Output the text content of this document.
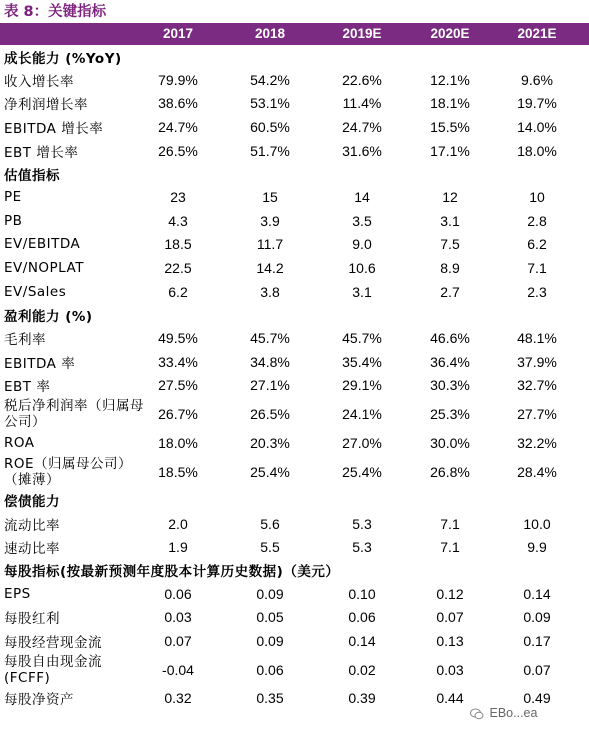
表 8：关键指标
2017	2018	2019E	2020E	2021E
成长能力 (%YoY)
收入增长率	79.9%	54.2%	22.6%	12.1%	9.6%
净利润增长率	38.6%	53.1%	11.4%	18.1%	19.7%
EBITDA 增长率	24.7%	60.5%	24.7%	15.5%	14.0%
EBT 增长率	26.5%	51.7%	31.6%	17.1%	18.0%
估值指标
PE	23	15	14	12	10
PB	4.3	3.9	3.5	3.1	2.8
EV/EBITDA	18.5	11.7	9.0	7.5	6.2
EV/NOPLAT	22.5	14.2	10.6	8.9	7.1
EV/Sales	6.2	3.8	3.1	2.7	2.3
盈利能力 (%)
毛利率	49.5%	45.7%	45.7%	46.6%	48.1%
EBITDA 率	33.4%	34.8%	35.4%	36.4%	37.9%
EBT 率	27.5%	27.1%	29.1%	30.3%	32.7%
税后净利润率（归属母公司）	26.7%	26.5%	24.1%	25.3%	27.7%
ROA	18.0%	20.3%	27.0%	30.0%	32.2%
ROE（归属母公司）（摊薄）	18.5%	25.4%	25.4%	26.8%	28.4%
偿债能力
流动比率	2.0	5.6	5.3	7.1	10.0
速动比率	1.9	5.5	5.3	7.1	9.9
每股指标(按最新预测年度股本计算历史数据)（美元）
EPS	0.06	0.09	0.10	0.12	0.14
每股红利	0.03	0.05	0.06	0.07	0.09
每股经营现金流	0.07	0.09	0.14	0.13	0.17
每股自由现金流(FCFF)	-0.04	0.06	0.02	0.03	0.07
每股净资产	0.32	0.35	0.39	0.44	0.49
EBo...ea
